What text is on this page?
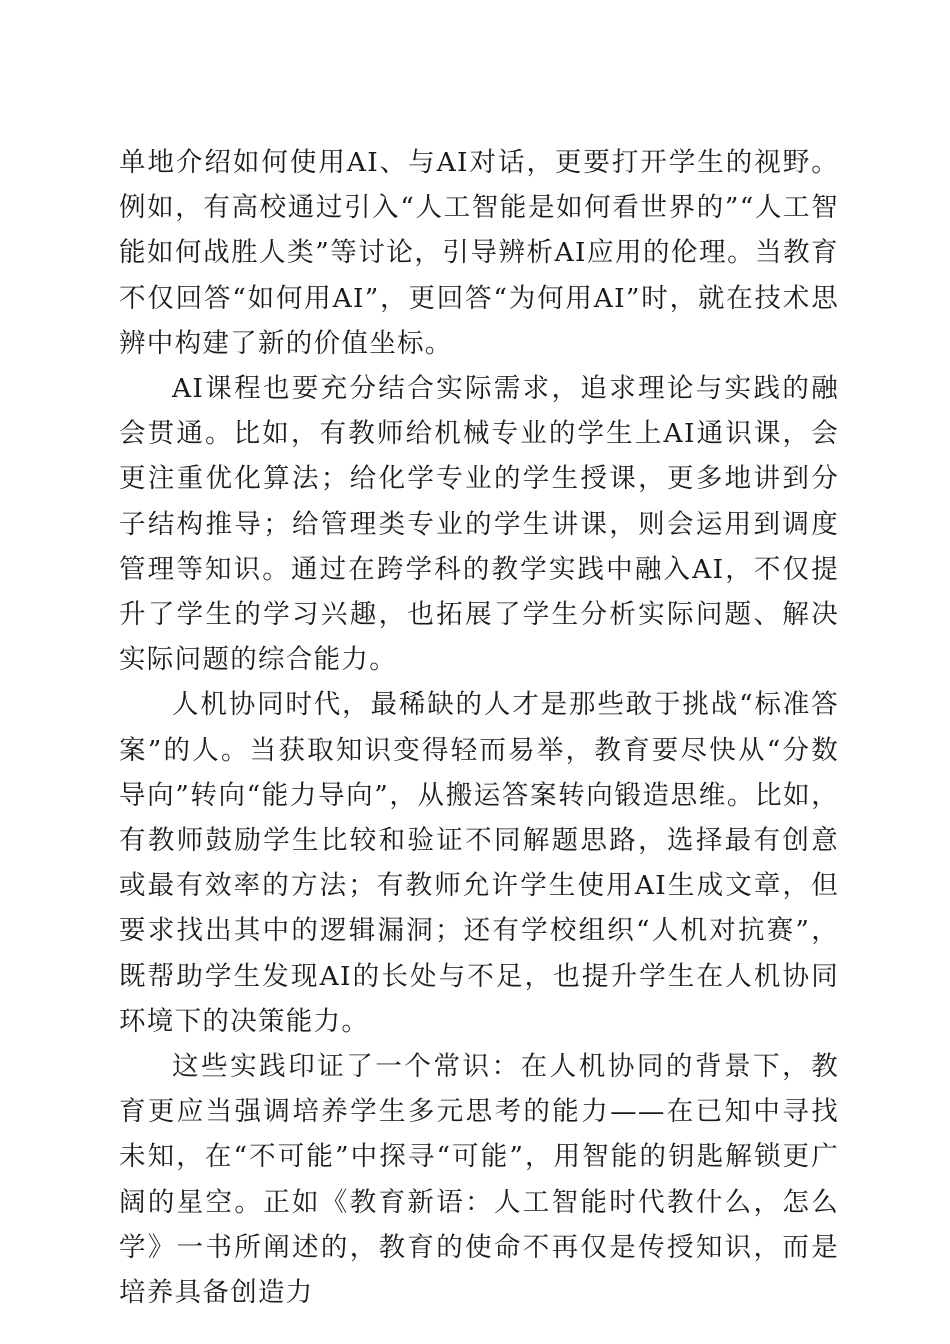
单地介绍如何使用AI、与AI对话，更要打开学生的视野。例如，有高校通过引入“人工智能是如何看世界的”“人工智能如何战胜人类”等讨论，引导辨析AI应用的伦理。当教育不仅回答“如何用AI”，更回答“为何用AI”时，就在技术思辨中构建了新的价值坐标。

AI课程也要充分结合实际需求，追求理论与实践的融会贯通。比如，有教师给机械专业的学生上AI通识课，会更注重优化算法；给化学专业的学生授课，更多地讲到分子结构推导；给管理类专业的学生讲课，则会运用到调度管理等知识。通过在跨学科的教学实践中融入AI，不仅提升了学生的学习兴趣，也拓展了学生分析实际问题、解决实际问题的综合能力。

人机协同时代，最稀缺的人才是那些敢于挑战“标准答案”的人。当获取知识变得轻而易举，教育要尽快从“分数导向”转向“能力导向”，从搬运答案转向锻造思维。比如，有教师鼓励学生比较和验证不同解题思路，选择最有创意或最有效率的方法；有教师允许学生使用AI生成文章，但要求找出其中的逻辑漏洞；还有学校组织“人机对抗赛”，既帮助学生发现AI的长处与不足，也提升学生在人机协同环境下的决策能力。

这些实践印证了一个常识：在人机协同的背景下，教育更应当强调培养学生多元思考的能力——在已知中寻找未知，在“不可能”中探寻“可能”，用智能的钥匙解锁更广阔的星空。正如《教育新语：人工智能时代教什么，怎么学》一书所阐述的，教育的使命不再仅是传授知识，而是培养具备创造力
